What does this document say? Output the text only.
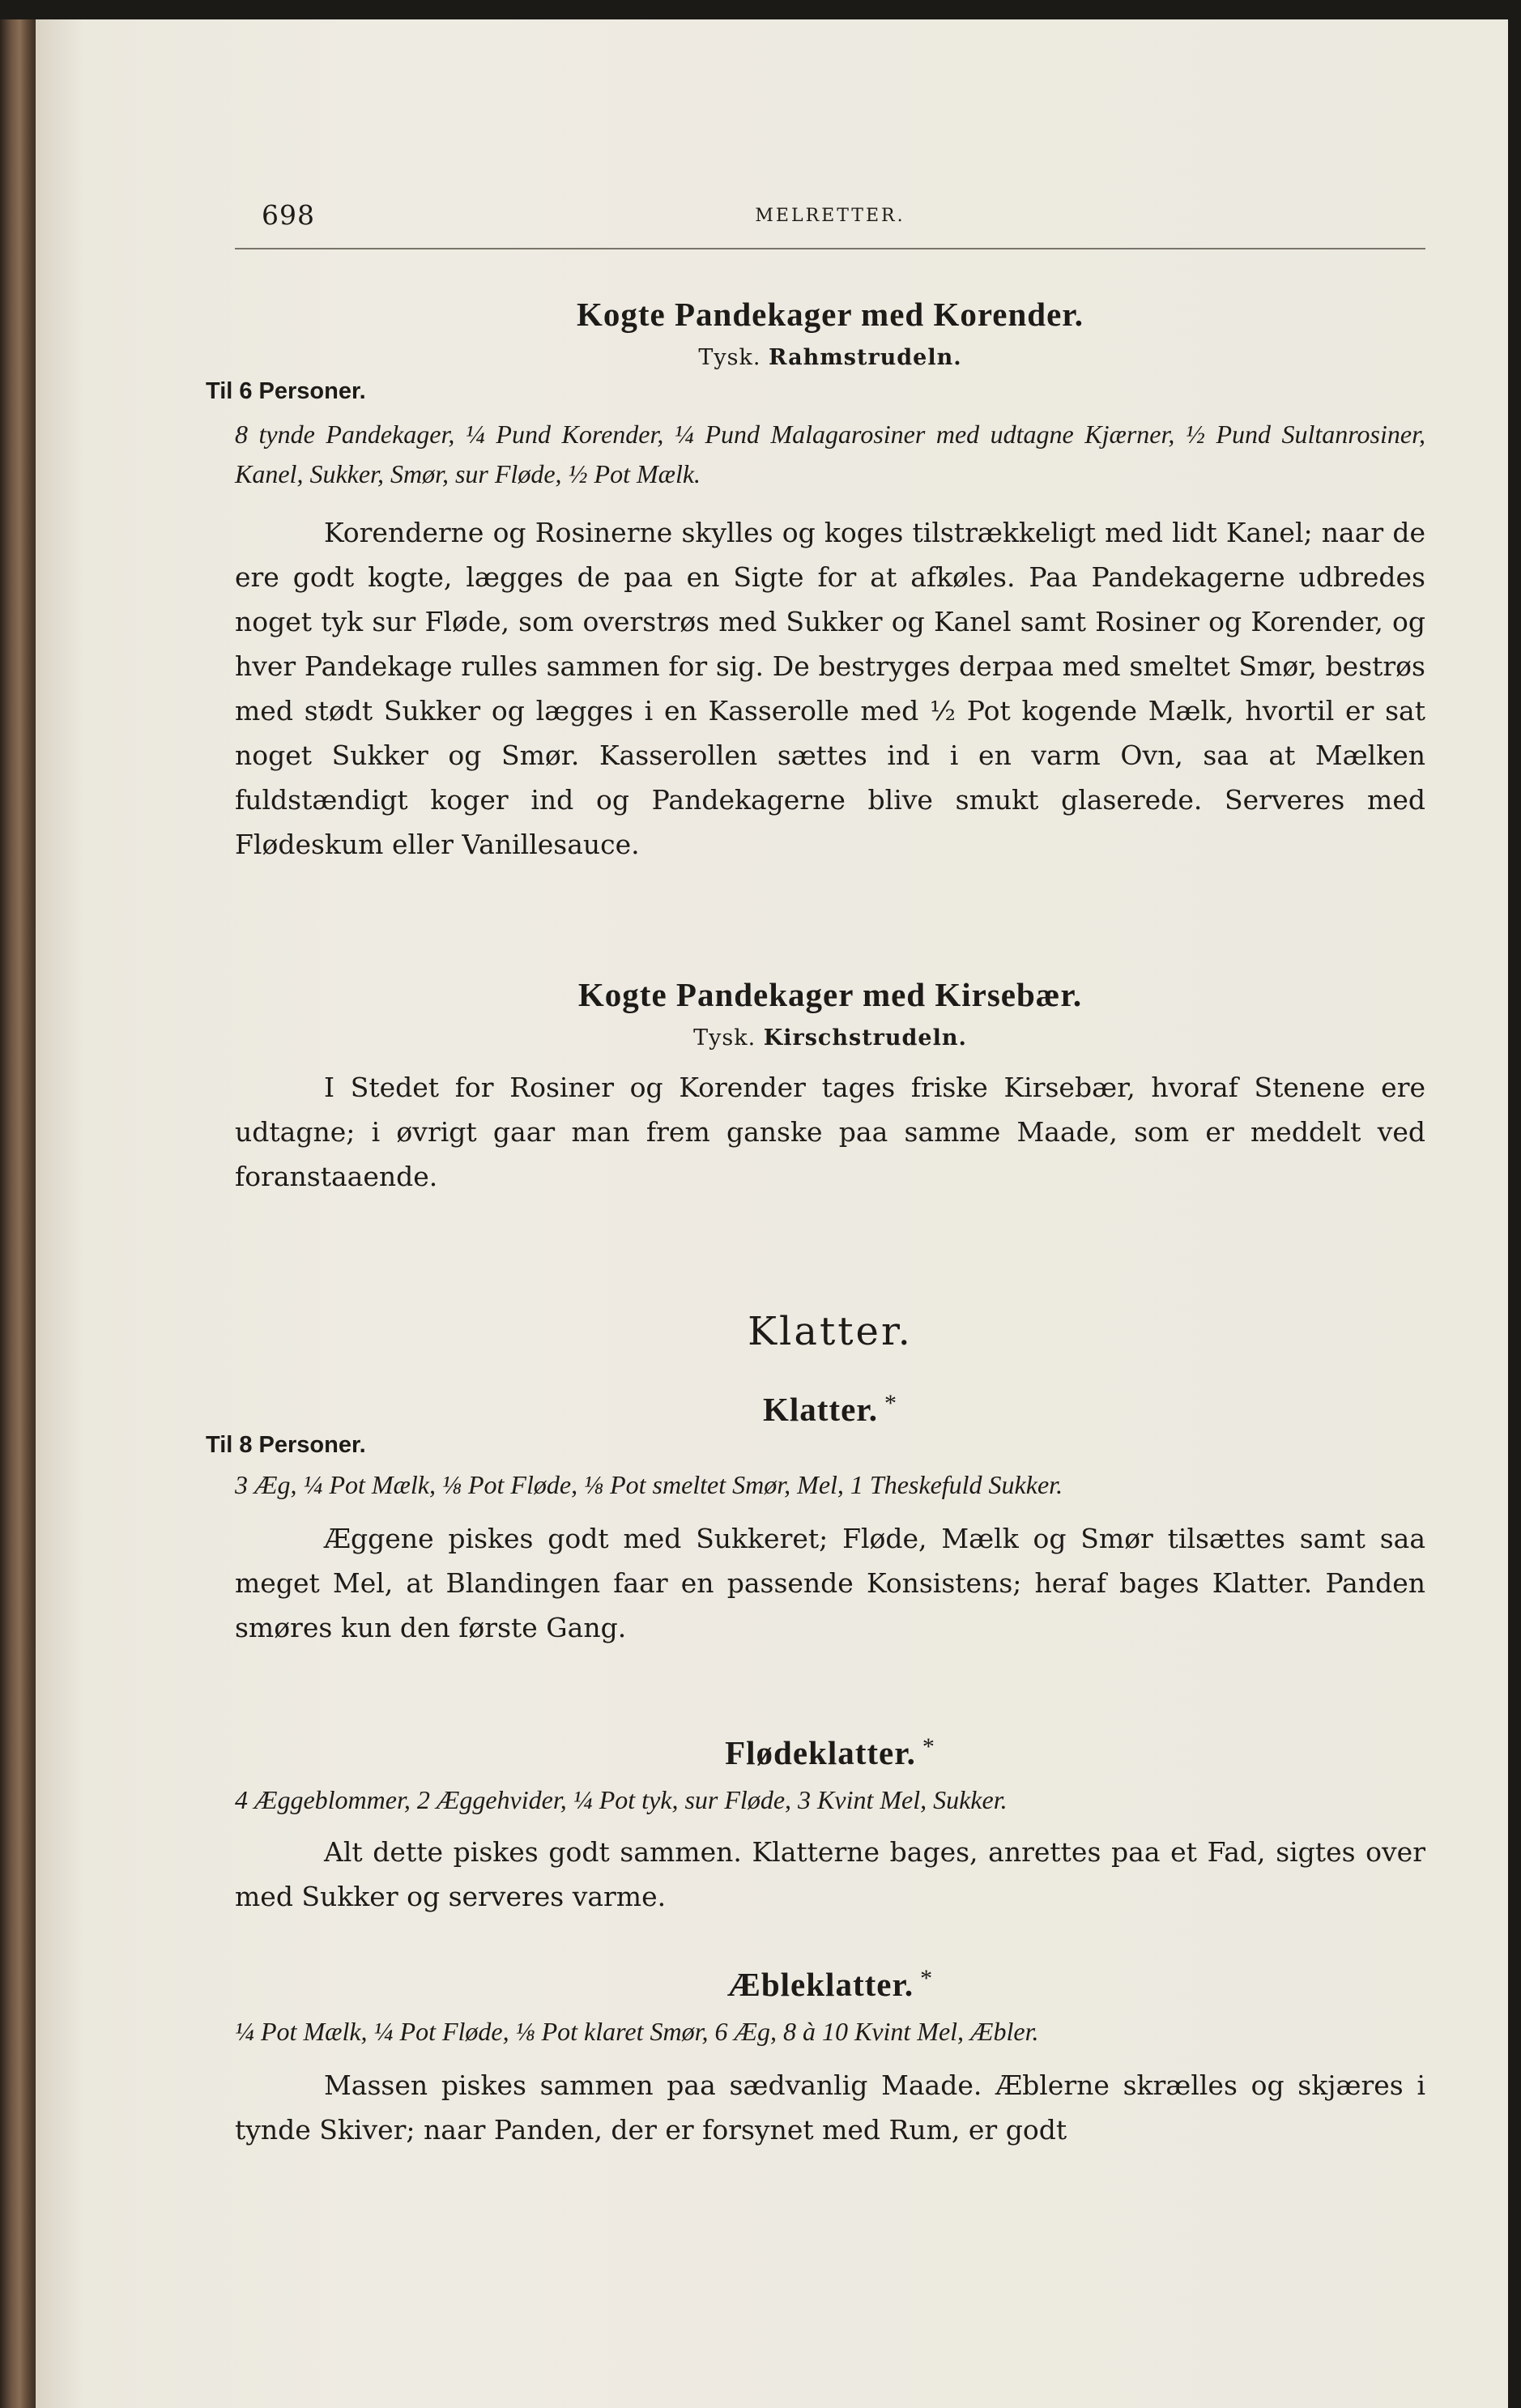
698	MELRETTER.
Kogte Pandekager med Korender.
Tysk. Rahmstrudeln.
Til 6 Personer.
8 tynde Pandekager, ¼ Pund Korender, ¼ Pund Malagarosiner med udtagne Kjærner, ½ Pund Sultanrosiner, Kanel, Sukker, Smør, sur Fløde, ½ Pot Mælk.
Korenderne og Rosinerne skylles og koges tilstrækkeligt med lidt Kanel; naar de ere godt kogte, lægges de paa en Sigte for at afkøles. Paa Pandekagerne udbredes noget tyk sur Fløde, som overstrøs med Sukker og Kanel samt Rosiner og Korender, og hver Pandekage rulles sammen for sig. De bestryges derpaa med smeltet Smør, bestrøs med stødt Sukker og lægges i en Kasserolle med ½ Pot kogende Mælk, hvortil er sat noget Sukker og Smør. Kasserollen sættes ind i en varm Ovn, saa at Mælken fuldstændigt koger ind og Pandekagerne blive smukt glaserede. Serveres med Flødeskum eller Vanillesauce.
Kogte Pandekager med Kirsebær.
Tysk. Kirschstrudeln.
I Stedet for Rosiner og Korender tages friske Kirsebær, hvoraf Stenene ere udtagne; i øvrigt gaar man frem ganske paa samme Maade, som er meddelt ved foranstaaende.
Klatter.
Klatter. *
Til 8 Personer.
3 Æg, ¼ Pot Mælk, ⅛ Pot Fløde, ⅛ Pot smeltet Smør, Mel, 1 Theskefuld Sukker.
Æggene piskes godt med Sukkeret; Fløde, Mælk og Smør tilsættes samt saa meget Mel, at Blandingen faar en passende Konsistens; heraf bages Klatter. Panden smøres kun den første Gang.
Flødeklatter. *
4 Æggeblommer, 2 Æggehvider, ¼ Pot tyk, sur Fløde, 3 Kvint Mel, Sukker.
Alt dette piskes godt sammen. Klatterne bages, anrettes paa et Fad, sigtes over med Sukker og serveres varme.
Æbleklatter. *
¼ Pot Mælk, ¼ Pot Fløde, ⅛ Pot klaret Smør, 6 Æg, 8 à 10 Kvint Mel, Æbler.
Massen piskes sammen paa sædvanlig Maade. Æblerne skrælles og skjæres i tynde Skiver; naar Panden, der er forsynet med Rum, er godt
